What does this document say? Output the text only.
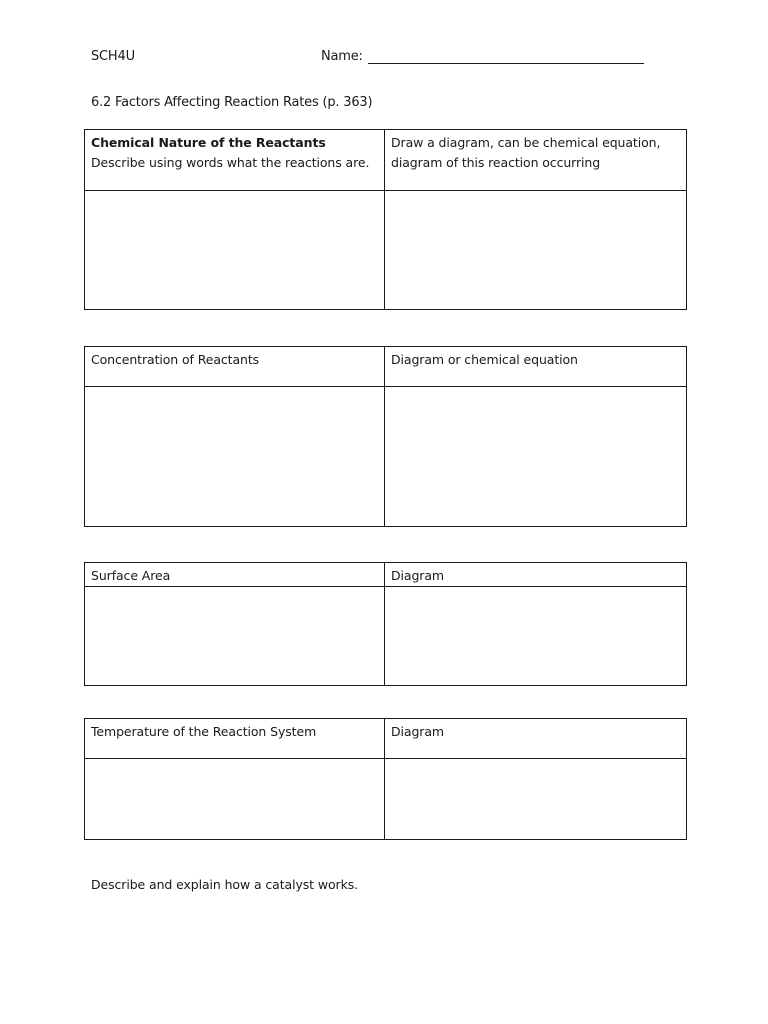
SCH4U	Name:
6.2 Factors Affecting Reaction Rates (p. 363)
Chemical Nature of the Reactants
Describe using words what the reactions are.	Draw a diagram, can be chemical equation, diagram of this reaction occurring

Concentration of Reactants	Diagram or chemical equation

Surface Area	Diagram

Temperature of the Reaction System	Diagram

Describe and explain how a catalyst works.
